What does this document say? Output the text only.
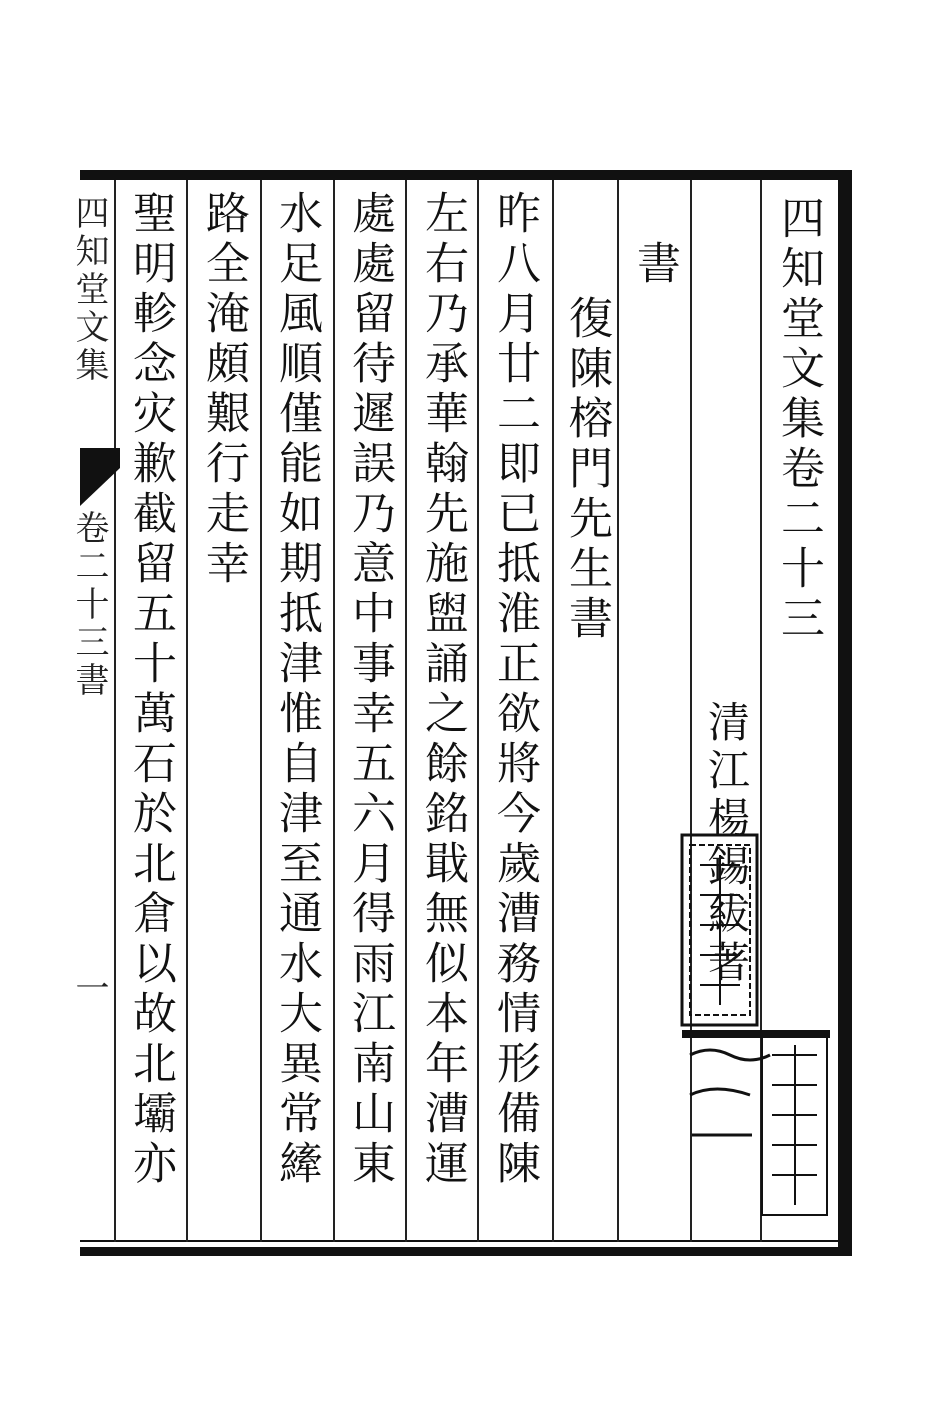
四知堂文集卷二十三
清江楊錫紱著
書
復陳榕門先生書
昨八月廿二即已抵淮正欲將今歲漕務情形備陳
左右乃承華翰先施盥誦之餘銘戢無似本年漕運
處處留待遲誤乃意中事幸五六月得雨江南山東
水足風順僅能如期抵津惟自津至通水大異常縴
路全淹頗艱行走幸
聖明軫念灾歉截留五十萬石於北倉以故北壩亦
四知堂文集
卷二十三書
一
